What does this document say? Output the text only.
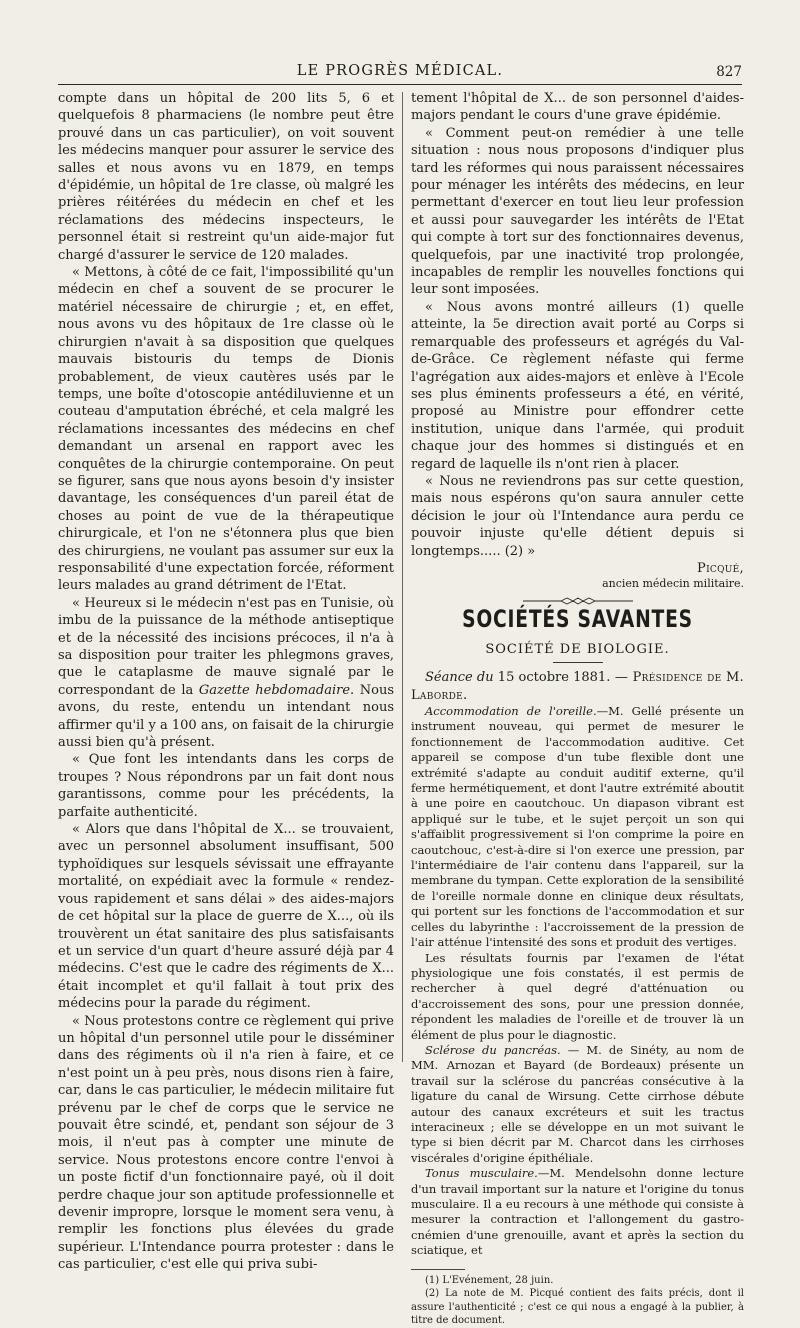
LE PROGRÈS MÉDICAL.	827

compte dans un hôpital de 200 lits 5, 6 et quelquefois 8 pharmaciens (le nombre peut être prouvé dans un cas particulier), on voit souvent les médecins manquer pour assurer le service des salles et nous avons vu en 1879, en temps d'épidémie, un hôpital de 1re classe, où malgré les prières réitérées du médecin en chef et les réclamations des médecins inspecteurs, le personnel était si restreint qu'un aide-major fut chargé d'assurer le service de 120 malades.

« Mettons, à côté de ce fait, l'impossibilité qu'un médecin en chef a souvent de se procurer le matériel nécessaire de chirurgie ; et, en effet, nous avons vu des hôpitaux de 1re classe où le chirurgien n'avait à sa disposition que quelques mauvais bistouris du temps de Dionis probablement, de vieux cautères usés par le temps, une boîte d'otoscopie antédiluvienne et un couteau d'amputation ébréché, et cela malgré les réclamations incessantes des médecins en chef demandant un arsenal en rapport avec les conquêtes de la chirurgie contemporaine. On peut se figurer, sans que nous ayons besoin d'y insister davantage, les conséquences d'un pareil état de choses au point de vue de la thérapeutique chirurgicale, et l'on ne s'étonnera plus que bien des chirurgiens, ne voulant pas assumer sur eux la responsabilité d'une expectation forcée, réforment leurs malades au grand détriment de l'Etat.

« Heureux si le médecin n'est pas en Tunisie, où imbu de la puissance de la méthode antiseptique et de la nécessité des incisions précoces, il n'a à sa disposition pour traiter les phlegmons graves, que le cataplasme de mauve signalé par le correspondant de la Gazette hebdomadaire. Nous avons, du reste, entendu un intendant nous affirmer qu'il y a 100 ans, on faisait de la chirurgie aussi bien qu'à présent.

« Que font les intendants dans les corps de troupes ? Nous répondrons par un fait dont nous garantissons, comme pour les précédents, la parfaite authenticité.

« Alors que dans l'hôpital de X... se trouvaient, avec un personnel absolument insuffisant, 500 typhoïdiques sur lesquels sévissait une effrayante mortalité, on expédiait avec la formule « rendez-vous rapidement et sans délai » des aides-majors de cet hôpital sur la place de guerre de X..., où ils trouvèrent un état sanitaire des plus satisfaisants et un service d'un quart d'heure assuré déjà par 4 médecins. C'est que le cadre des régiments de X... était incomplet et qu'il fallait à tout prix des médecins pour la parade du régiment.

« Nous protestons contre ce règlement qui prive un hôpital d'un personnel utile pour le disséminer dans des régiments où il n'a rien à faire, et ce n'est point un à peu près, nous disons rien à faire, car, dans le cas particulier, le médecin militaire fut prévenu par le chef de corps que le service ne pouvait être scindé, et, pendant son séjour de 3 mois, il n'eut pas à compter une minute de service. Nous protestons encore contre l'envoi à un poste fictif d'un fonctionnaire payé, où il doit perdre chaque jour son aptitude professionnelle et devenir impropre, lorsque le moment sera venu, à remplir les fonctions plus élevées du grade supérieur. L'Intendance pourra protester : dans le cas particulier, c'est elle qui priva subi-

tement l'hôpital de X... de son personnel d'aides-majors pendant le cours d'une grave épidémie.

« Comment peut-on remédier à une telle situation : nous nous proposons d'indiquer plus tard les réformes qui nous paraissent nécessaires pour ménager les intérêts des médecins, en leur permettant d'exercer en tout lieu leur profession et aussi pour sauvegarder les intérêts de l'Etat qui compte à tort sur des fonctionnaires devenus, quelquefois, par une inactivité trop prolongée, incapables de remplir les nouvelles fonctions qui leur sont imposées.

« Nous avons montré ailleurs (1) quelle atteinte, la 5e direction avait porté au Corps si remarquable des professeurs et agrégés du Val-de-Grâce. Ce règlement néfaste qui ferme l'agrégation aux aides-majors et enlève à l'Ecole ses plus éminents professeurs a été, en vérité, proposé au Ministre pour effondrer cette institution, unique dans l'armée, qui produit chaque jour des hommes si distingués et en regard de laquelle ils n'ont rien à placer.

« Nous ne reviendrons pas sur cette question, mais nous espérons qu'on saura annuler cette décision le jour où l'Intendance aura perdu ce pouvoir injuste qu'elle détient depuis si longtemps..... (2) »

Picqué,
ancien médecin militaire.
SOCIÉTÉS SAVANTES
SOCIÉTÉ DE BIOLOGIE.

Séance du 15 octobre 1881. — Présidence de M. Laborde.

Accommodation de l'oreille.—M. Gellé présente un instrument nouveau, qui permet de mesurer le fonctionnement de l'accommodation auditive. Cet appareil se compose d'un tube flexible dont une extrémité s'adapte au conduit auditif externe, qu'il ferme hermétiquement, et dont l'autre extrémité aboutit à une poire en caoutchouc. Un diapason vibrant est appliqué sur le tube, et le sujet perçoit un son qui s'affaiblit progressivement si l'on comprime la poire en caoutchouc, c'est-à-dire si l'on exerce une pression, par l'intermédiaire de l'air contenu dans l'appareil, sur la membrane du tympan. Cette exploration de la sensibilité de l'oreille normale donne en clinique deux résultats, qui portent sur les fonctions de l'accommodation et sur celles du labyrinthe : l'accroissement de la pression de l'air atténue l'intensité des sons et produit des vertiges.

Les résultats fournis par l'examen de l'état physiologique une fois constatés, il est permis de rechercher à quel degré d'atténuation ou d'accroissement des sons, pour une pression donnée, répondent les maladies de l'oreille et de trouver là un élément de plus pour le diagnostic.

Sclérose du pancréas. — M. de Sinéty, au nom de MM. Arnozan et Bayard (de Bordeaux) présente un travail sur la sclérose du pancréas consécutive à la ligature du canal de Wirsung. Cette cirrhose débute autour des canaux excréteurs et suit les tractus interacineux ; elle se développe en un mot suivant le type si bien décrit par M. Charcot dans les cirrhoses viscérales d'origine épithéliale.

Tonus musculaire.—M. Mendelsohn donne lecture d'un travail important sur la nature et l'origine du tonus musculaire. Il a eu recours à une méthode qui consiste à mesurer la contraction et l'allongement du gastro-cnémien d'une grenouille, avant et après la section du sciatique, et

(1) L'Evénement, 28 juin.

(2) La note de M. Picqué contient des faits précis, dont il assure l'authenticité ; c'est ce qui nous a engagé à la publier, à titre de document.
